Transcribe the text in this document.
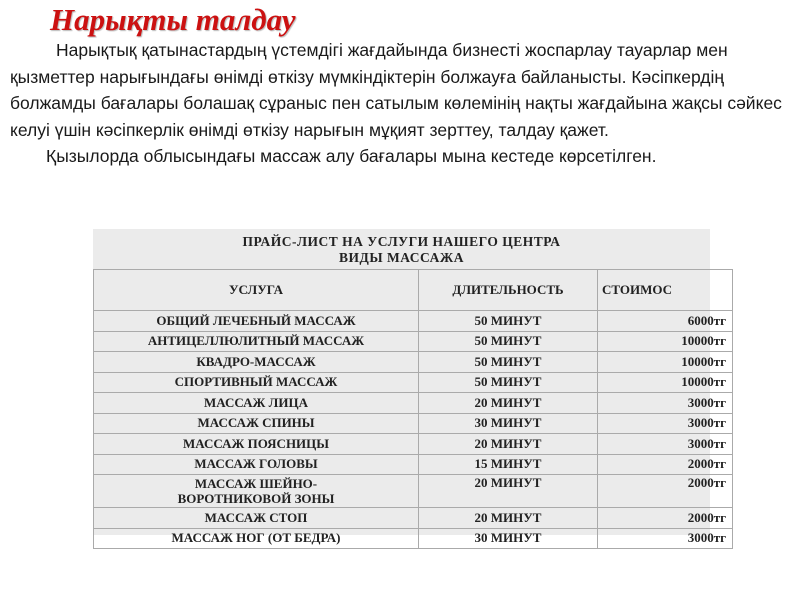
Нарықты талдау

Нарықтық қатынастардың үстемдігі жағдайында бизнесті жоспарлау тауарлар мен қызметтер нарығындағы өнімді өткізу мүмкіндіктерін болжауға байланысты. Кәсіпкердің болжамды бағалары болашақ сұраныс пен сатылым көлемінің нақты жағдайына жақсы сәйкес келуі үшін кәсіпкерлік өнімді өткізу нарығын мұқият зерттеу, талдау қажет.

Қызылорда облысындағы массаж алу бағалары мына кестеде көрсетілген.

ПРАЙС-ЛИСТ НА УСЛУГИ НАШЕГО ЦЕНТРА
ВИДЫ МАССАЖА
УСЛУГА	ДЛИТЕЛЬНОСТЬ	СТОИМОС
ОБЩИЙ ЛЕЧЕБНЫЙ МАССАЖ	50 МИНУТ	6000тг
АНТИЦЕЛЛЮЛИТНЫЙ МАССАЖ	50 МИНУТ	10000тг
КВАДРО-МАССАЖ	50 МИНУТ	10000тг
СПОРТИВНЫЙ МАССАЖ	50 МИНУТ	10000тг
МАССАЖ ЛИЦА	20 МИНУТ	3000тг
МАССАЖ СПИНЫ	30 МИНУТ	3000тг
МАССАЖ ПОЯСНИЦЫ	20 МИНУТ	3000тг
МАССАЖ ГОЛОВЫ	15 МИНУТ	2000тг

МАССАЖ ШЕЙНО-
ВОРОТНИКОВОЙ ЗОНЫ	20 МИНУТ	2000тг
МАССАЖ СТОП	20 МИНУТ	2000тг
МАССАЖ НОГ (ОТ БЕДРА)	30 МИНУТ	3000тг
